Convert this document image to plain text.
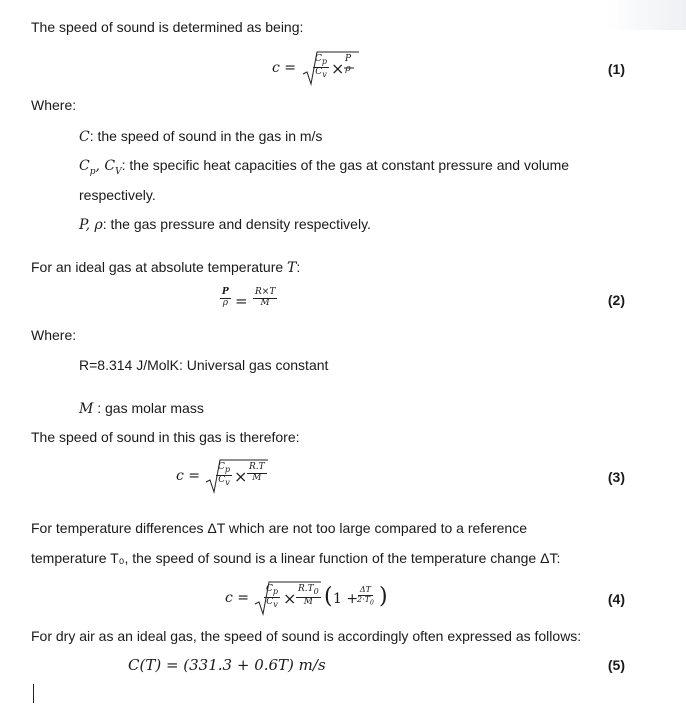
The speed of sound is determined as being:
$c = \frac{C_p}{C_v} \times P$
ρ	(1)
Where:
C: the speed of sound in the gas in m/s
$C_p$, $C_V$: the specific heat capacities of the gas at constant pressure and volume
respectively.
P, ρ: the gas pressure and density respectively.
For an ideal gas at absolute temperature T:
$\frac{P}{\rho} = \frac{R\times T}{M}$	(2)
Where:
R=8.314 J/MolK: Universal gas constant
M : gas molar mass
The speed of sound in this gas is therefore:
$c = \frac{C_p}{C_v} \times \frac{R.T}{M}$	(3)
For temperature differences ΔT which are not too large compared to a reference
temperature T₀, the speed of sound is a linear function of the temperature change ΔT:
$c = \frac{C_p}{C_v} \times \frac{R.T_0}{M}$ ( 1 +
$\frac{\Delta T}{2\cdot T_0}$ )	(4)
For dry air as an ideal gas, the speed of sound is accordingly often expressed as follows:
C(T) = (331.3 + 0.6T) m/s	(5)
